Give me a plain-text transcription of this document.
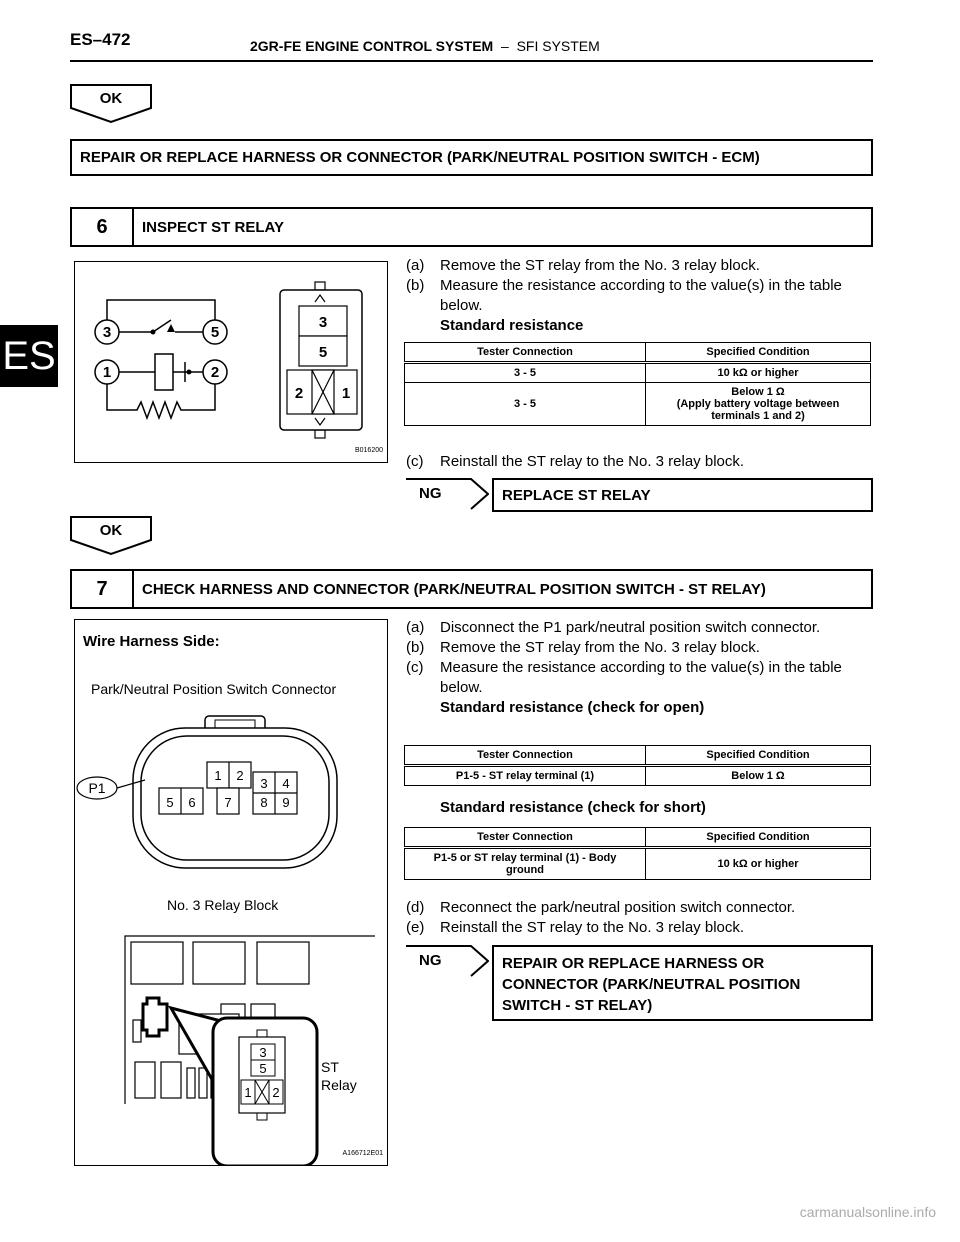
ES–472	2GR-FE ENGINE CONTROL SYSTEM  –  SFI SYSTEM
ES
OK
REPAIR OR REPLACE HARNESS OR CONNECTOR (PARK/NEUTRAL POSITION SWITCH - ECM)
6	INSPECT ST RELAY
3	5
1	2
3
5
2	1
B016200
(a)	Remove the ST relay from the No. 3 relay block.
(b)	Measure the resistance according to the value(s) in the table below.
Standard resistance
Tester Connection	Specified Condition
3 - 5	10 kΩ or higher
3 - 5	Below 1 Ω
(Apply battery voltage between
terminals 1 and 2)
(c)	Reinstall the ST relay to the No. 3 relay block.
NG	REPLACE ST RELAY
OK
7	CHECK HARNESS AND CONNECTOR (PARK/NEUTRAL POSITION SWITCH - ST RELAY)
Wire Harness Side:
Park/Neutral Position Switch Connector
P1
1 2
3 4
5 6 7 8 9
No. 3 Relay Block
3
5
1 2
ST
Relay
A166712E01
(a)	Disconnect the P1 park/neutral position switch connector.
(b)	Remove the ST relay from the No. 3 relay block.
(c)	Measure the resistance according to the value(s) in the table below.
Standard resistance (check for open)
Tester Connection	Specified Condition
P1-5 - ST relay terminal (1)	Below 1 Ω
Standard resistance (check for short)
Tester Connection	Specified Condition
P1-5 or ST relay terminal (1) - Body
ground	10 kΩ or higher
(d)	Reconnect the park/neutral position switch connector.
(e)	Reinstall the ST relay to the No. 3 relay block.
NG	REPAIR OR REPLACE HARNESS OR
CONNECTOR (PARK/NEUTRAL POSITION
SWITCH - ST RELAY)
carmanualsonline.info
